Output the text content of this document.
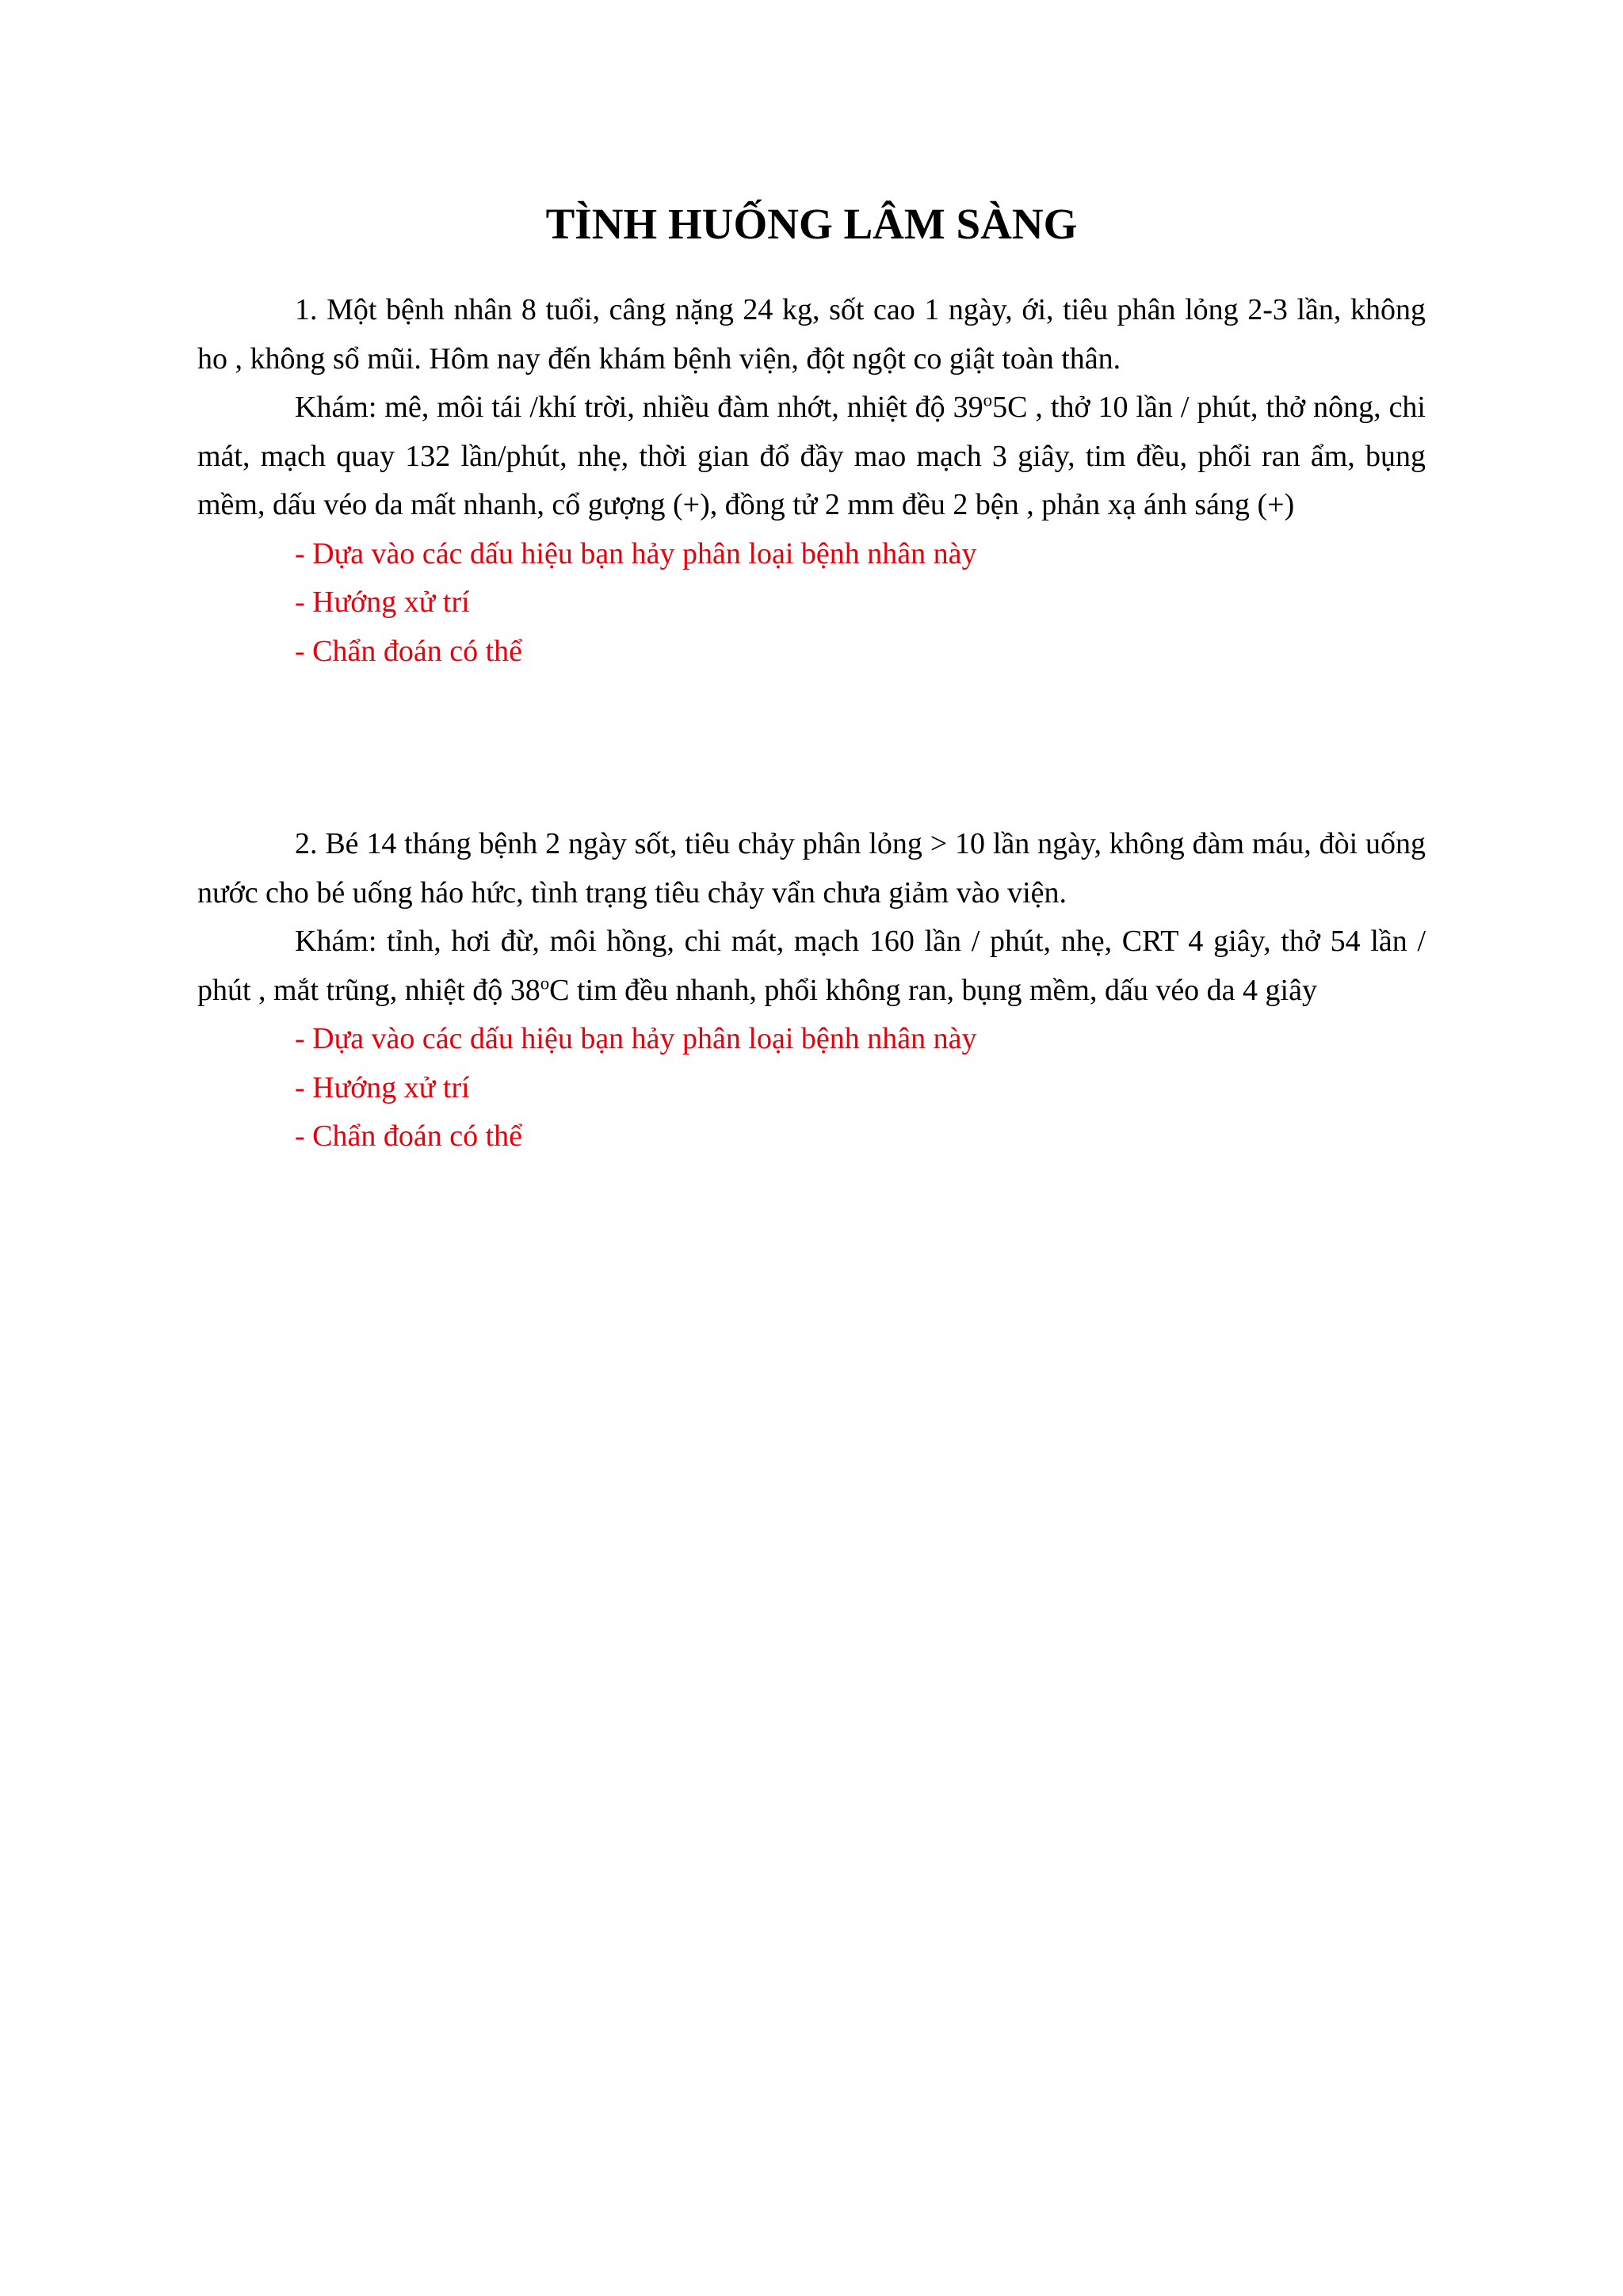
TÌNH HUỐNG LÂM SÀNG

1. Một bệnh nhân 8 tuổi, câng nặng 24 kg, sốt cao 1 ngày, ới, tiêu phân lỏng 2-3 lần, không ho , không sổ mũi. Hôm nay đến khám bệnh viện, đột ngột co giật toàn thân.

Khám: mê, môi tái /khí trời, nhiều đàm nhớt, nhiệt độ 39$^o$5C , thở 10 lần / phút, thở nông, chi mát, mạch quay 132 lần/phút, nhẹ, thời gian đổ đầy mao mạch 3 giây, tim đều, phổi ran ẩm, bụng mềm, dấu véo da mất nhanh, cổ gượng (+), đồng tử 2 mm đều 2 bện , phản xạ ánh sáng (+)

- Dựa vào các dấu hiệu bạn hảy phân loại bệnh nhân này

- Hướng xử trí

- Chẩn đoán có thể

2. Bé 14 tháng bệnh 2 ngày sốt, tiêu chảy phân lỏng > 10 lần ngày, không đàm máu, đòi uống nước cho bé uống háo hức, tình trạng tiêu chảy vẩn chưa giảm vào viện.

Khám: tỉnh, hơi đừ, môi hồng, chi mát, mạch 160 lần / phút, nhẹ, CRT 4 giây, thở 54 lần / phút , mắt trũng, nhiệt độ 38$^o$C tim đều nhanh, phổi không ran, bụng mềm, dấu véo da 4 giây

- Dựa vào các dấu hiệu bạn hảy phân loại bệnh nhân này

- Hướng xử trí

- Chẩn đoán có thể
